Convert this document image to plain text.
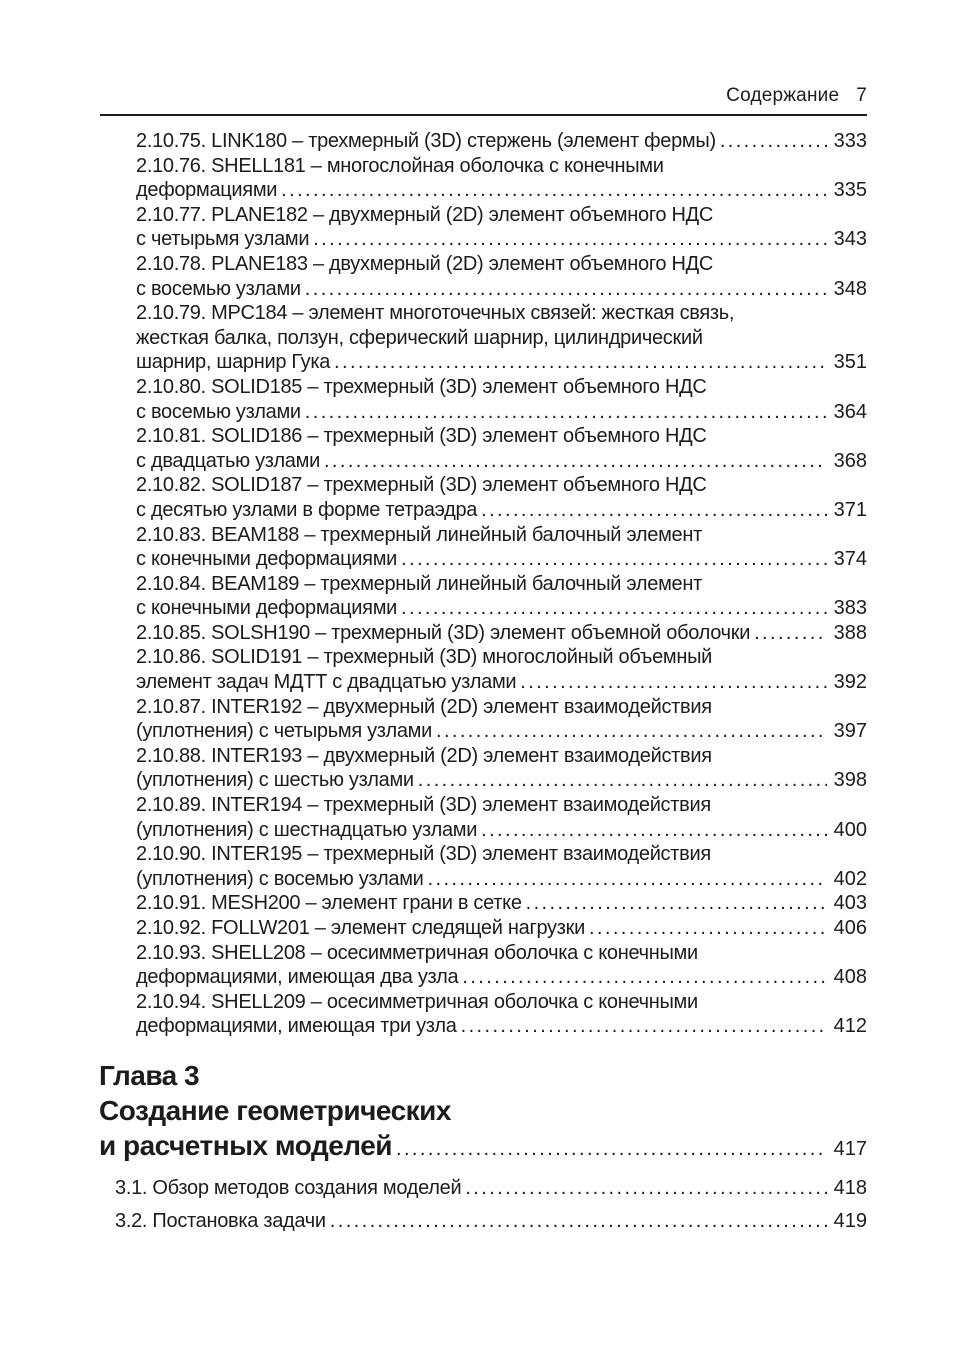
Содержание 7
2.10.75. LINK180 – трехмерный (3D) стержень (элемент фермы) .....	333
2.10.76. SHELL181 – многослойная оболочка с конечными
деформациями .....	335
2.10.77. PLANE182 – двухмерный (2D) элемент объемного НДС
с четырьмя узлами .....	343
2.10.78. PLANE183 – двухмерный (2D) элемент объемного НДС
с восемью узлами .....	348
2.10.79. MPC184 – элемент многоточечных связей: жесткая связь,
жесткая балка, ползун, сферический шарнир, цилиндрический
шарнир, шарнир Гука .....	351
2.10.80. SOLID185 – трехмерный (3D) элемент объемного НДС
с восемью узлами .....	364
2.10.81. SOLID186 – трехмерный (3D) элемент объемного НДС
с двадцатью узлами .....	368
2.10.82. SOLID187 – трехмерный (3D) элемент объемного НДС
с десятью узлами в форме тетраэдра .....	371
2.10.83. BEAM188 – трехмерный линейный балочный элемент
с конечными деформациями .....	374
2.10.84. BEAM189 – трехмерный линейный балочный элемент
с конечными деформациями .....	383
2.10.85. SOLSH190 – трехмерный (3D) элемент объемной оболочки .....	388
2.10.86. SOLID191 – трехмерный (3D) многослойный объемный
элемент задач МДТТ с двадцатью узлами .....	392
2.10.87. INTER192 – двухмерный (2D) элемент взаимодействия
(уплотнения) с четырьмя узлами .....	397
2.10.88. INTER193 – двухмерный (2D) элемент взаимодействия
(уплотнения) с шестью узлами .....	398
2.10.89. INTER194 – трехмерный (3D) элемент взаимодействия
(уплотнения) с шестнадцатью узлами .....	400
2.10.90. INTER195 – трехмерный (3D) элемент взаимодействия
(уплотнения) с восемью узлами .....	402
2.10.91. MESH200 – элемент грани в сетке .....	403
2.10.92. FOLLW201 – элемент следящей нагрузки .....	406
2.10.93. SHELL208 – осесимметричная оболочка с конечными
деформациями, имеющая два узла .....	408
2.10.94. SHELL209 – осесимметричная оболочка с конечными
деформациями, имеющая три узла .....	412
Глава 3
Создание геометрических
и расчетных моделей .....	417
3.1. Обзор методов создания моделей .....	418
3.2. Постановка задачи .....	419
